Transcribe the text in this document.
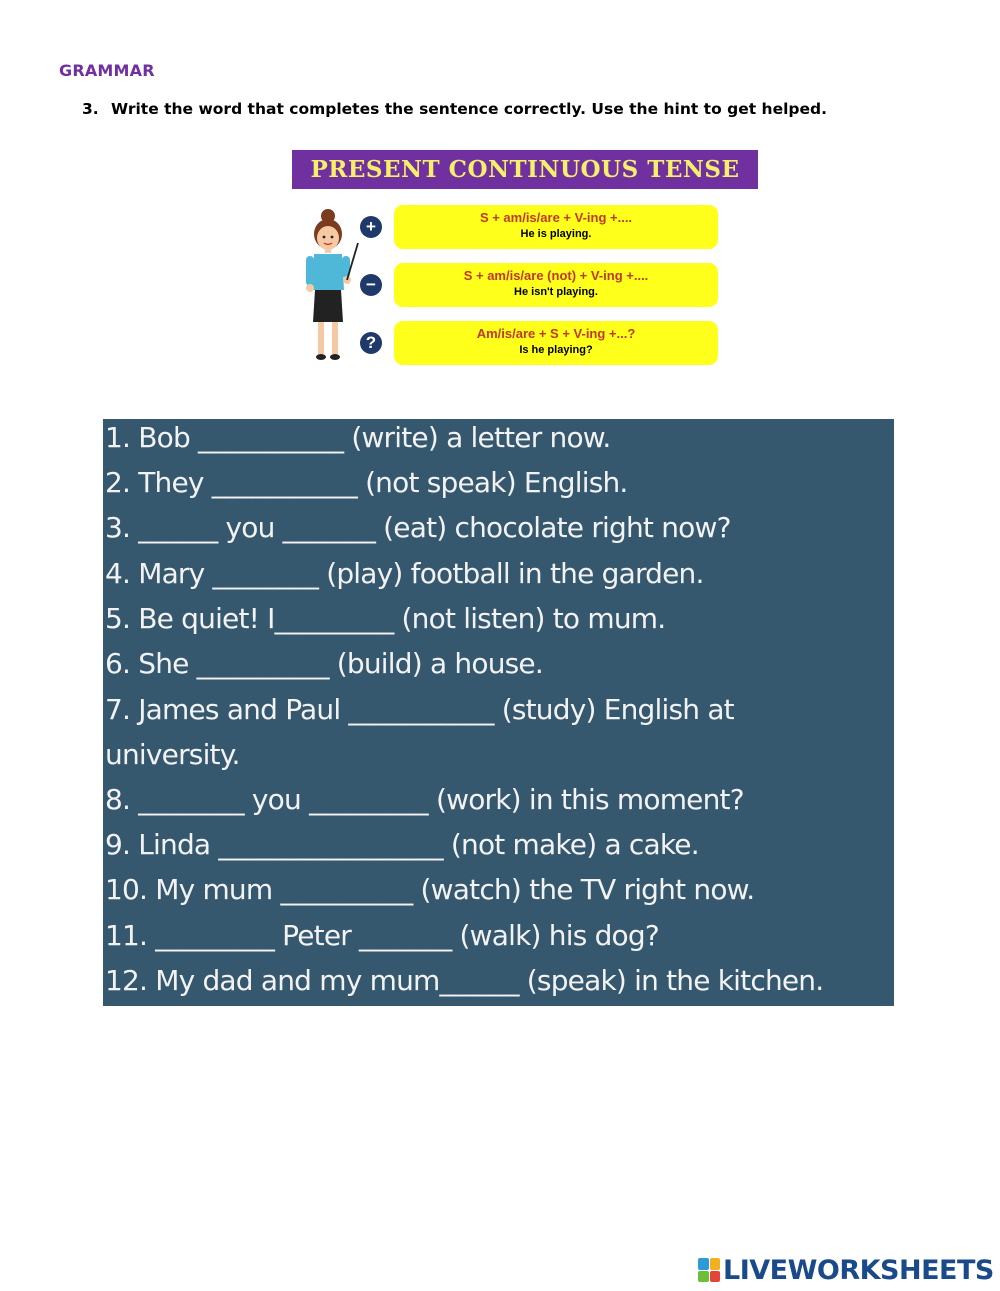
GRAMMAR
3. Write the word that completes the sentence correctly. Use the hint to get helped.
PRESENT CONTINUOUS TENSE
+	S + am/is/are + V-ing +....
He is playing.
−	S + am/is/are (not) + V-ing +....
He isn't playing.
?	Am/is/are + S + V-ing +...?
Is he playing?
1. Bob ___________ (write) a letter now.
2. They ___________ (not speak) English.
3. ______ you _______ (eat) chocolate right now?
4. Mary ________ (play) football in the garden.
5. Be quiet! I_________ (not listen) to mum.
6. She __________ (build) a house.
7. James and Paul ___________ (study) English at
university.
8. ________ you _________ (work) in this moment?
9. Linda _________________ (not make) a cake.
10. My mum __________ (watch) the TV right now.
11. _________ Peter _______ (walk) his dog?
12. My dad and my mum______ (speak) in the kitchen.
LIVEWORKSHEETS
